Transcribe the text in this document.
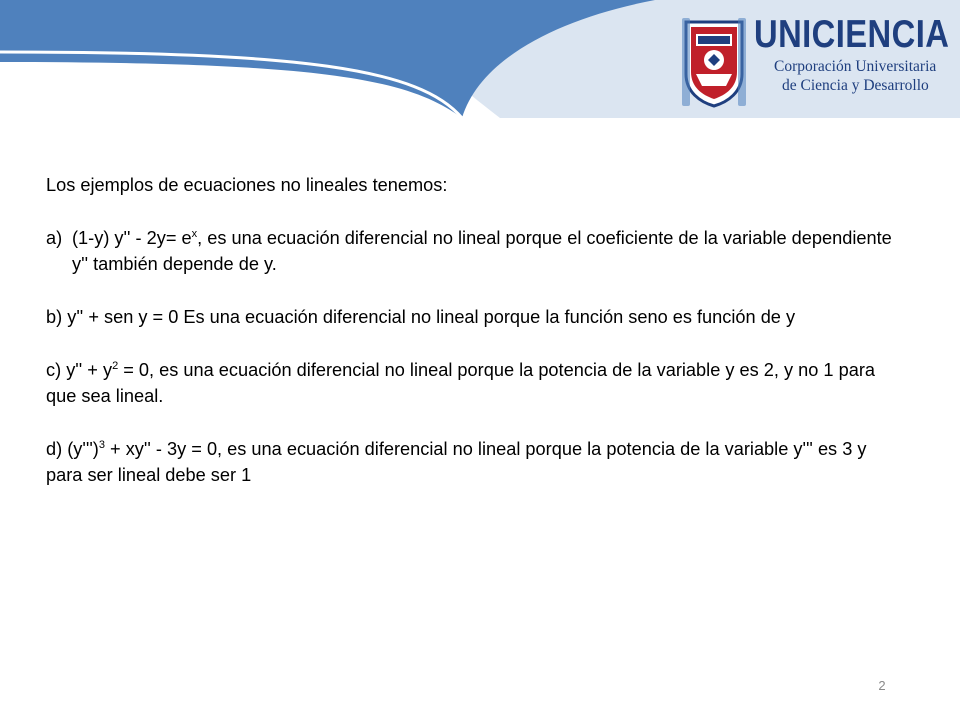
UNICIENCIA
Corporación Universitaria
de Ciencia y Desarrollo

Los ejemplos de ecuaciones no lineales tenemos:

a) (1-y) $y'' - 2y= e^x$, es una ecuación diferencial no lineal porque el coeficiente de la variable dependiente y'' también depende de y.

b) y'' + sen y = 0 Es una ecuación diferencial no lineal porque la función seno es función de y

c) $y'' + y^2 = 0$, es una ecuación diferencial no lineal porque la potencia de la variable y es 2, y no 1 para que sea lineal.

d) $(y''')^3 + xy'' - 3y = 0$, es una ecuación diferencial no lineal porque la potencia de la variable y''' es 3 y para ser lineal debe ser 1

2
